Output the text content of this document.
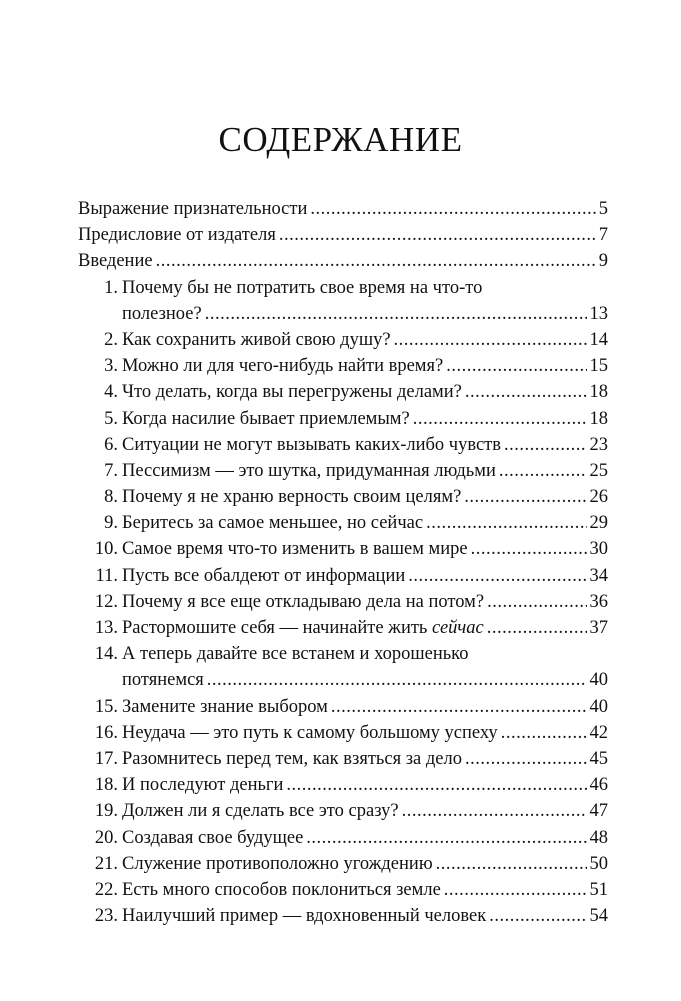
СОДЕРЖАНИЕ
Выражение признательности .....	5
Предисловие от издателя .....	7
Введение .....	9
1. Почему бы не потратить свое время на что-то
полезное? .....	13
2. Как сохранить живой свою душу? .....	14
3. Можно ли для чего-нибудь найти время? .....	15
4. Что делать, когда вы перегружены делами? .....	18
5. Когда насилие бывает приемлемым? .....	18
6. Ситуации не могут вызывать каких-либо чувств .....	23
7. Пессимизм — это шутка, придуманная людьми .....	25
8. Почему я не храню верность своим целям? .....	26
9. Беритесь за самое меньшее, но сейчас .....	29
10. Самое время что-то изменить в вашем мире .....	30
11. Пусть все обалдеют от информации .....	34
12. Почему я все еще откладываю дела на потом? .....	36
13. Растормошите себя — начинайте жить сейчас .....	37
14. А теперь давайте все встанем и хорошенько
потянемся .....	40
15. Замените знание выбором .....	40
16. Неудача — это путь к самому большому успеху .....	42
17. Разомнитесь перед тем, как взяться за дело .....	45
18. И последуют деньги .....	46
19. Должен ли я сделать все это сразу? .....	47
20. Создавая свое будущее .....	48
21. Служение противоположно угождению .....	50
22. Есть много способов поклониться земле .....	51
23. Наилучший пример — вдохновенный человек .....	54
